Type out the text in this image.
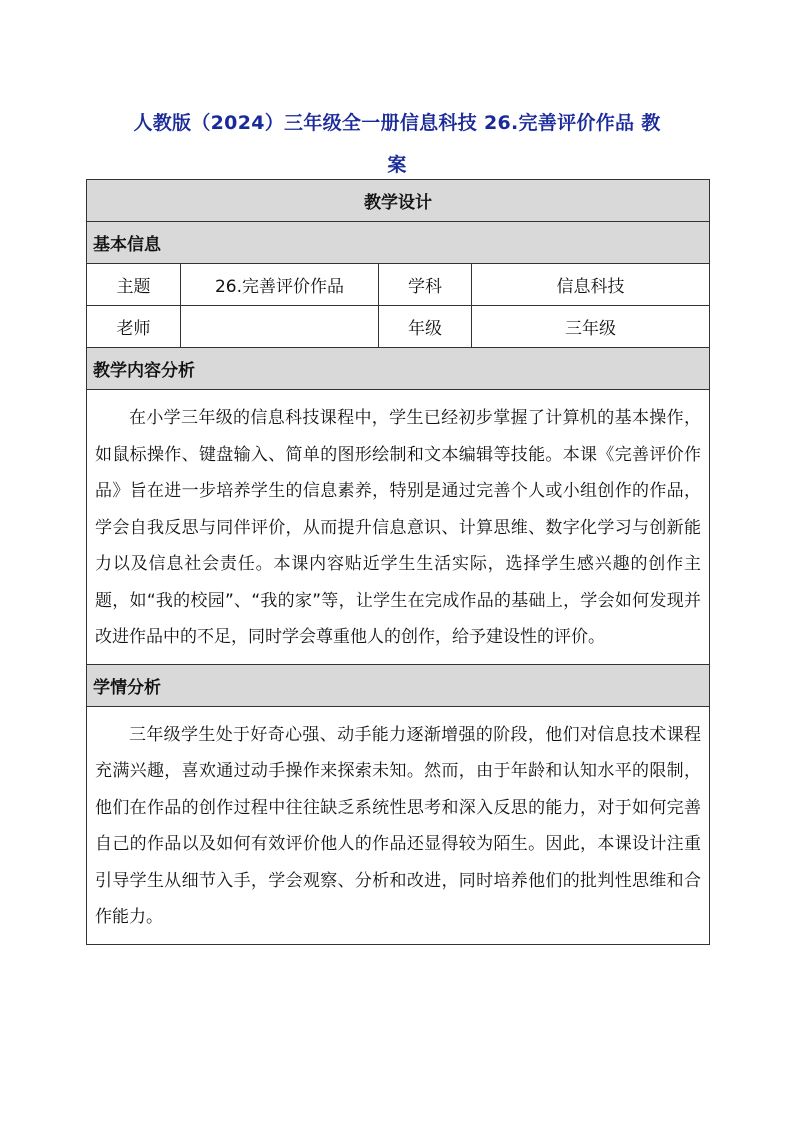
人教版（2024）三年级全一册信息科技 26.完善评价作品 教
案
教学设计			
基本信息			
主题	26.完善评价作品	学科	信息科技
老师		年级	三年级
教学内容分析			
在小学三年级的信息科技课程中，学生已经初步掌握了计算机的基本操作，如鼠标操作、键盘输入、简单的图形绘制和文本编辑等技能。本课《完善评价作品》旨在进一步培养学生的信息素养，特别是通过完善个人或小组创作的作品，学会自我反思与同伴评价，从而提升信息意识、计算思维、数字化学习与创新能力以及信息社会责任。本课内容贴近学生生活实际，选择学生感兴趣的创作主题，如“我的校园”、“我的家”等，让学生在完成作品的基础上，学会如何发现并改进作品中的不足，同时学会尊重他人的创作，给予建设性的评价。			
学情分析			
三年级学生处于好奇心强、动手能力逐渐增强的阶段，他们对信息技术课程充满兴趣，喜欢通过动手操作来探索未知。然而，由于年龄和认知水平的限制，他们在作品的创作过程中往往缺乏系统性思考和深入反思的能力，对于如何完善自己的作品以及如何有效评价他人的作品还显得较为陌生。因此，本课设计注重引导学生从细节入手，学会观察、分析和改进，同时培养他们的批判性思维和合作能力。			
